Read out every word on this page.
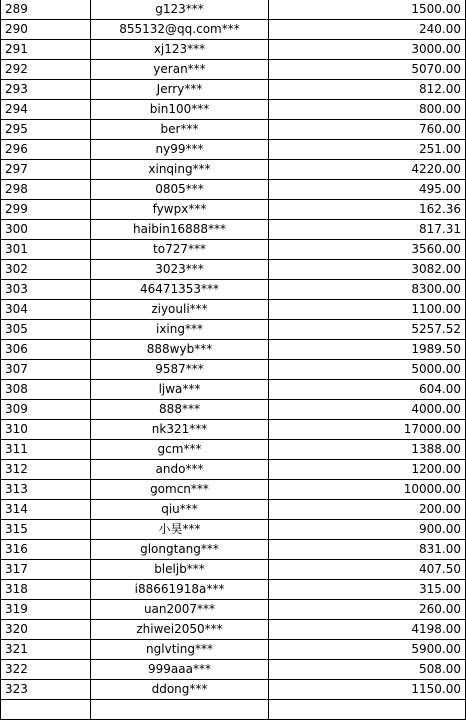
289	g123***	1500.00
290	855132@qq.com***	240.00
291	xj123***	3000.00
292	yeran***	5070.00
293	Jerry***	812.00
294	bin100***	800.00
295	ber***	760.00
296	ny99***	251.00
297	xinqing***	4220.00
298	0805***	495.00
299	fywpx***	162.36
300	haibin16888***	817.31
301	to727***	3560.00
302	3023***	3082.00
303	46471353***	8300.00
304	ziyouli***	1100.00
305	ixing***	5257.52
306	888wyb***	1989.50
307	9587***	5000.00
308	ljwa***	604.00
309	888***	4000.00
310	nk321***	17000.00
311	gcm***	1388.00
312	ando***	1200.00
313	gomcn***	10000.00
314	qiu***	200.00
315	小昊***	900.00
316	glongtang***	831.00
317	bleljb***	407.50
318	i88661918a***	315.00
319	uan2007***	260.00
320	zhiwei2050***	4198.00
321	nglvting***	5900.00
322	999aaa***	508.00
323	ddong***	1150.00
